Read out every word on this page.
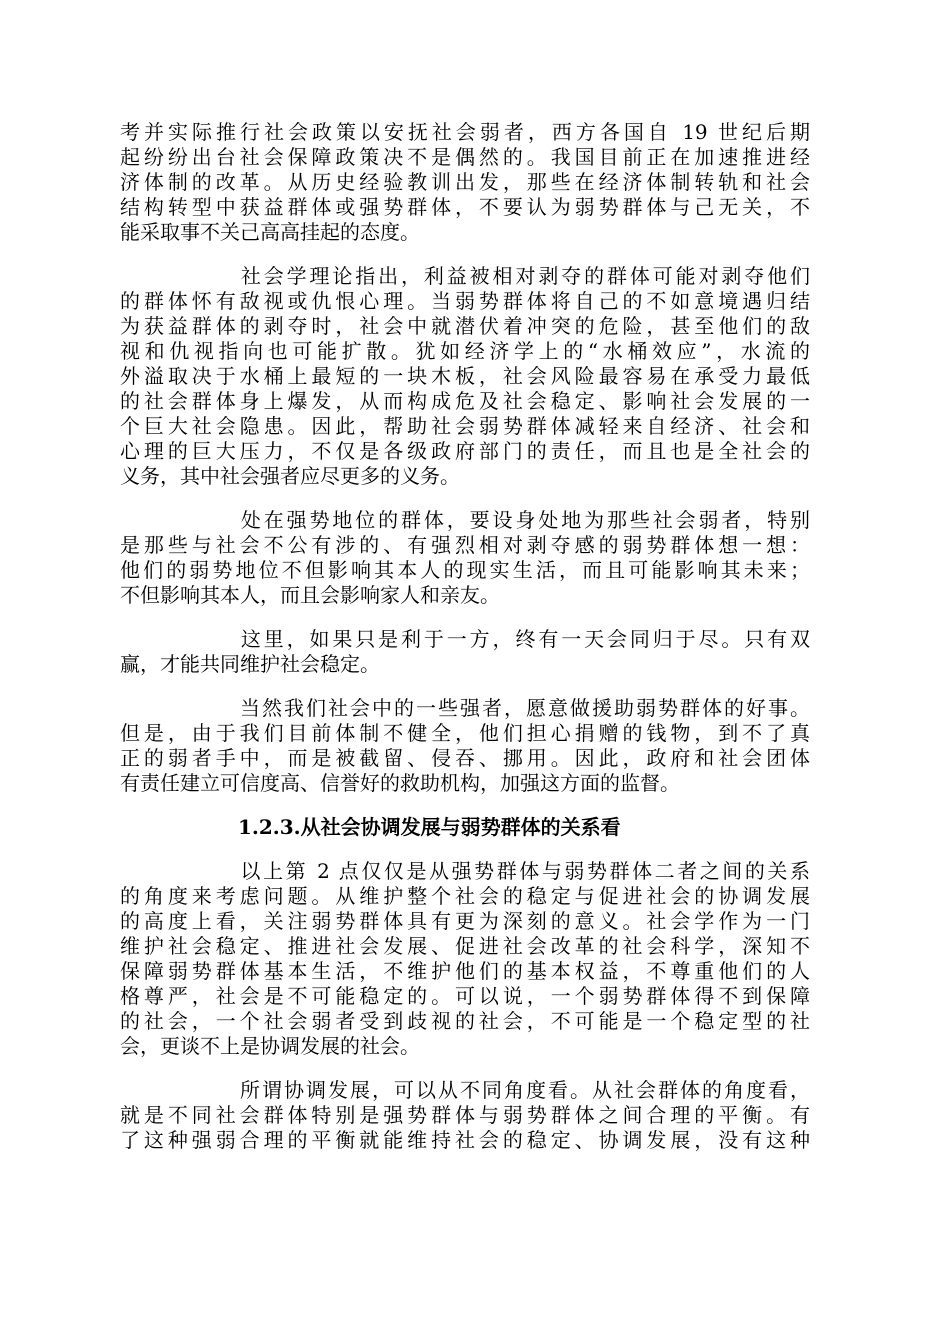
考并实际推行社会政策以安抚社会弱者，西方各国自 19 世纪后期
起纷纷出台社会保障政策决不是偶然的。我国目前正在加速推进经
济体制的改革。从历史经验教训出发，那些在经济体制转轨和社会
结构转型中获益群体或强势群体，不要认为弱势群体与己无关，不
能采取事不关己高高挂起的态度。
社会学理论指出，利益被相对剥夺的群体可能对剥夺他们
的群体怀有敌视或仇恨心理。当弱势群体将自己的不如意境遇归结
为获益群体的剥夺时，社会中就潜伏着冲突的危险，甚至他们的敌
视和仇视指向也可能扩散。犹如经济学上的“水桶效应”，水流的
外溢取决于水桶上最短的一块木板，社会风险最容易在承受力最低
的社会群体身上爆发，从而构成危及社会稳定、影响社会发展的一
个巨大社会隐患。因此，帮助社会弱势群体减轻来自经济、社会和
心理的巨大压力，不仅是各级政府部门的责任，而且也是全社会的
义务，其中社会强者应尽更多的义务。
处在强势地位的群体，要设身处地为那些社会弱者，特别
是那些与社会不公有涉的、有强烈相对剥夺感的弱势群体想一想：
他们的弱势地位不但影响其本人的现实生活，而且可能影响其未来；
不但影响其本人，而且会影响家人和亲友。
这里，如果只是利于一方，终有一天会同归于尽。只有双
赢，才能共同维护社会稳定。
当然我们社会中的一些强者，愿意做援助弱势群体的好事。
但是，由于我们目前体制不健全，他们担心捐赠的钱物，到不了真
正的弱者手中，而是被截留、侵吞、挪用。因此，政府和社会团体
有责任建立可信度高、信誉好的救助机构，加强这方面的监督。
1.2.3.从社会协调发展与弱势群体的关系看
以上第 2 点仅仅是从强势群体与弱势群体二者之间的关系
的角度来考虑问题。从维护整个社会的稳定与促进社会的协调发展
的高度上看，关注弱势群体具有更为深刻的意义。社会学作为一门
维护社会稳定、推进社会发展、促进社会改革的社会科学，深知不
保障弱势群体基本生活，不维护他们的基本权益，不尊重他们的人
格尊严，社会是不可能稳定的。可以说，一个弱势群体得不到保障
的社会，一个社会弱者受到歧视的社会，不可能是一个稳定型的社
会，更谈不上是协调发展的社会。
所谓协调发展，可以从不同角度看。从社会群体的角度看，
就是不同社会群体特别是强势群体与弱势群体之间合理的平衡。有
了这种强弱合理的平衡就能维持社会的稳定、协调发展，没有这种
